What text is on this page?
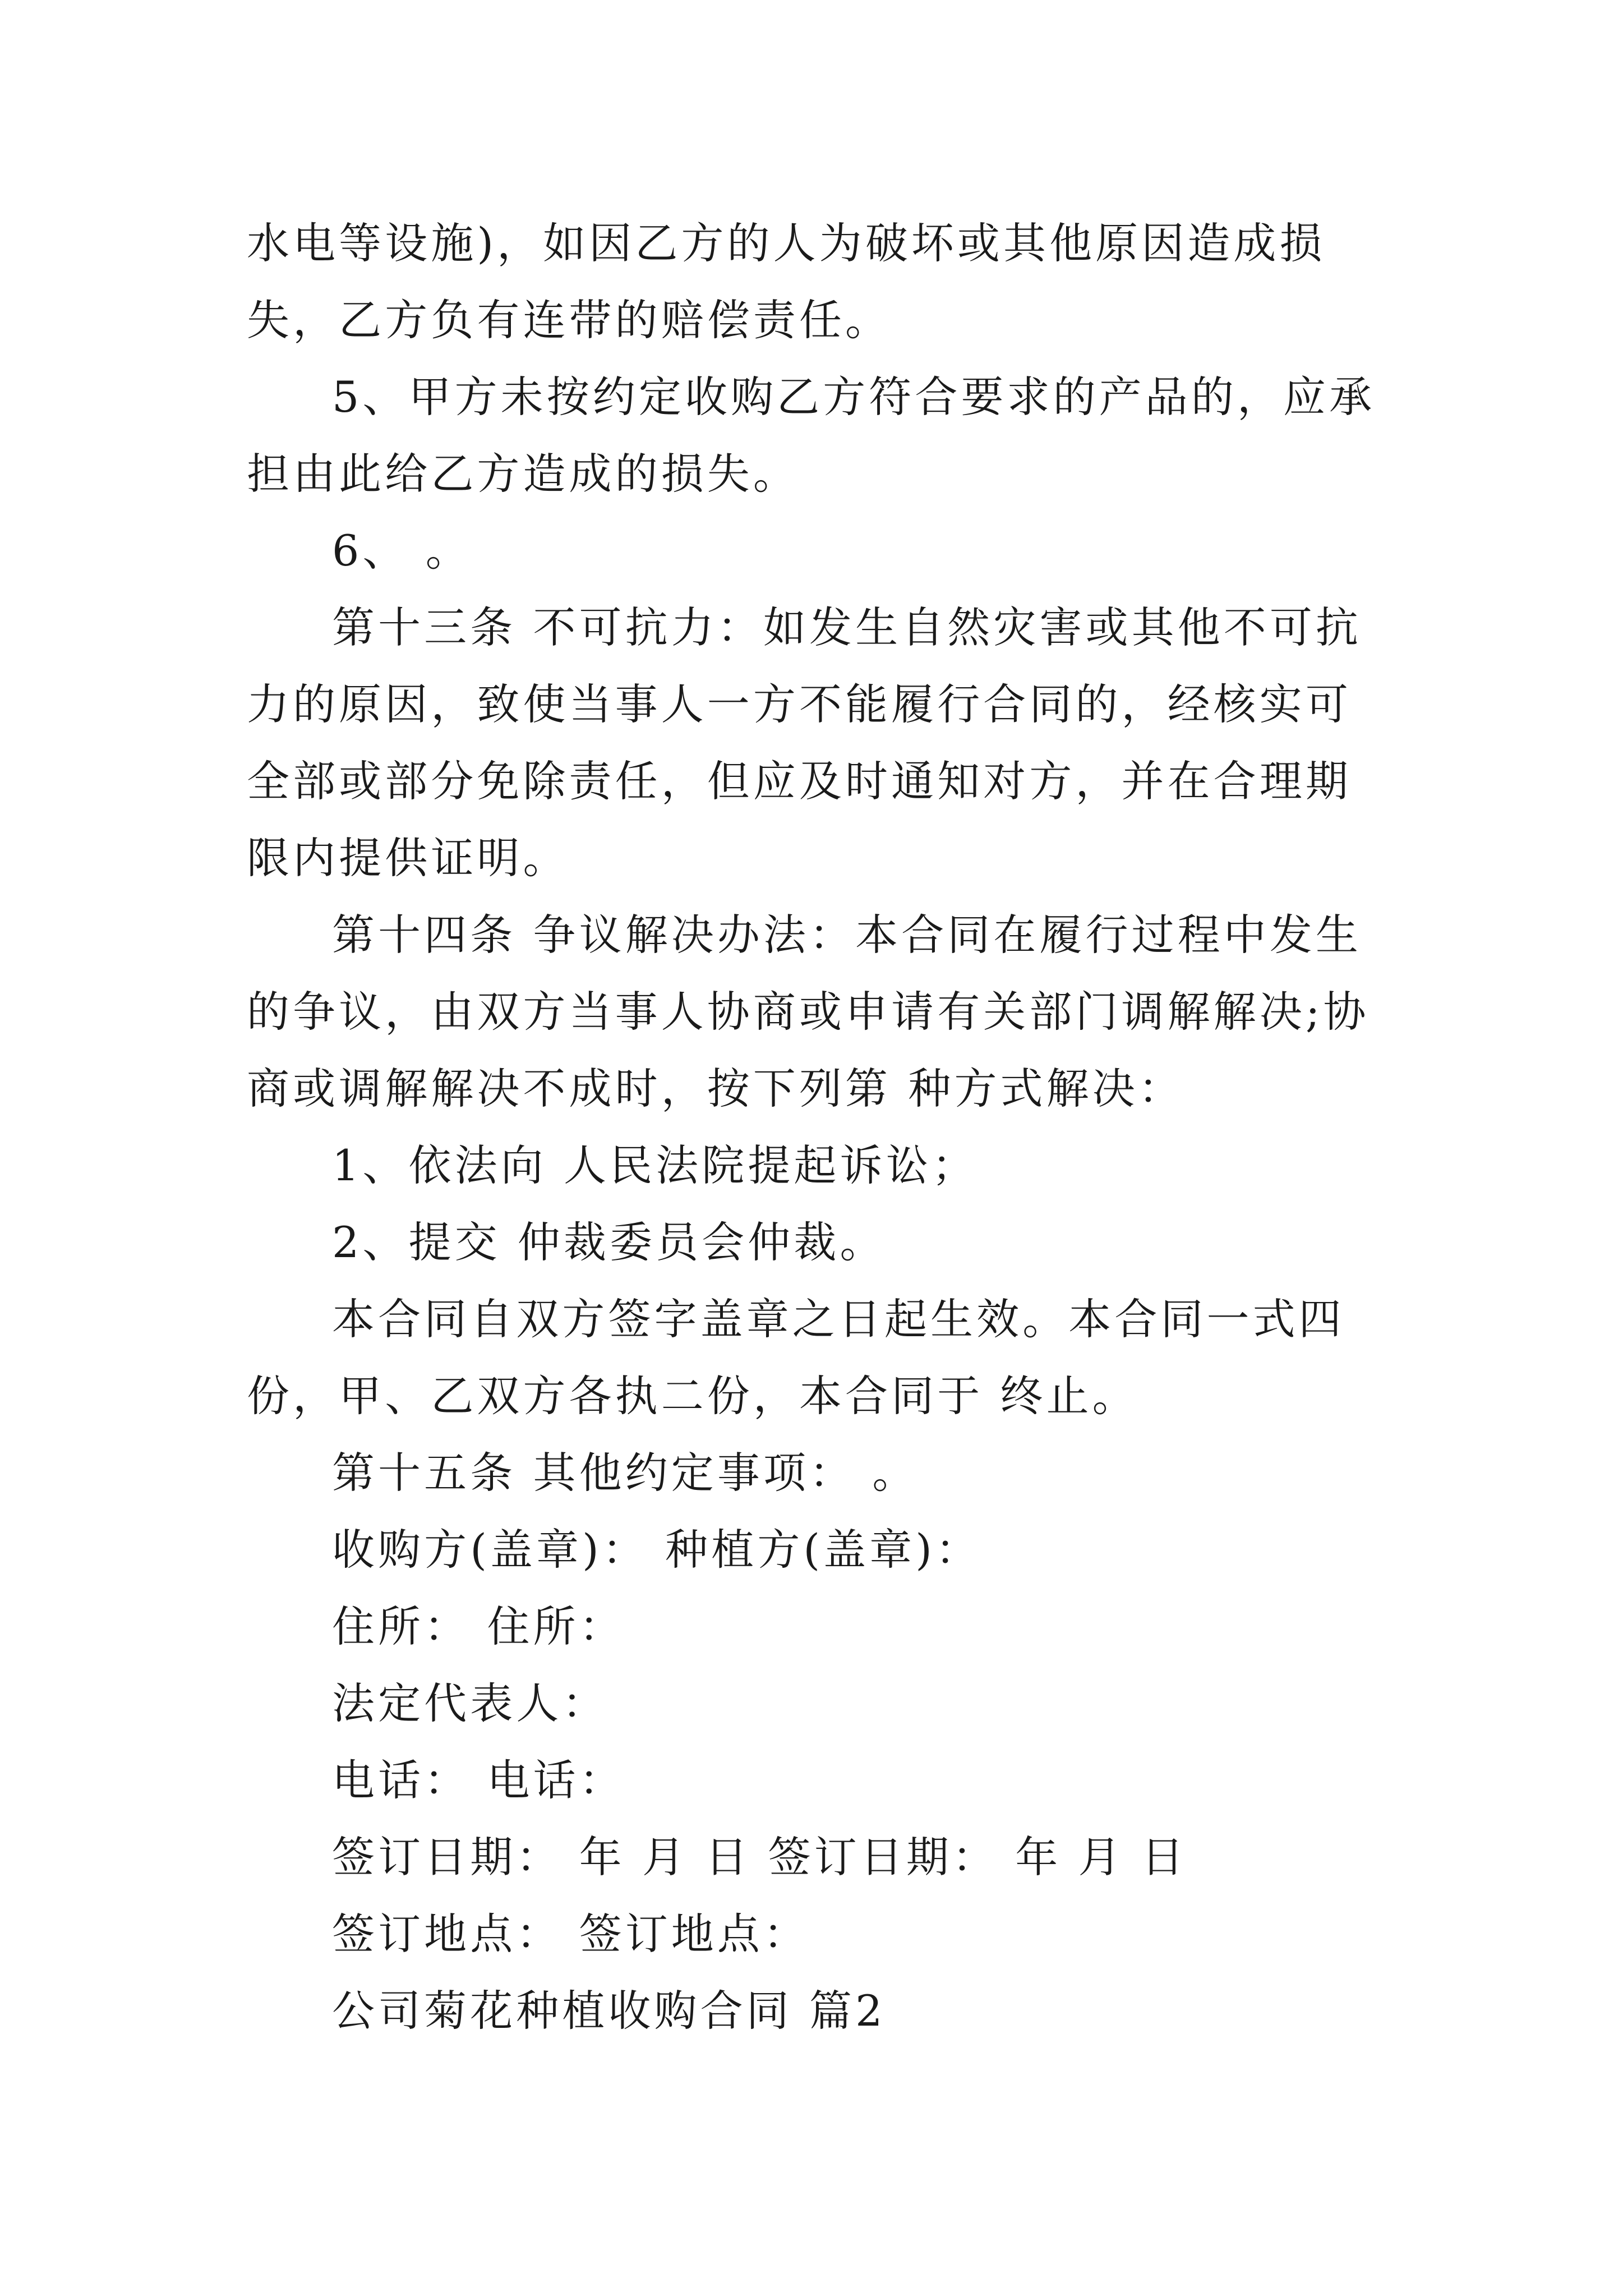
水电等设施)，如因乙方的人为破坏或其他原因造成损失，乙方负有连带的赔偿责任。

5、甲方未按约定收购乙方符合要求的产品的，应承担由此给乙方造成的损失。

6、 。

第十三条 不可抗力：如发生自然灾害或其他不可抗力的原因，致使当事人一方不能履行合同的，经核实可全部或部分免除责任，但应及时通知对方，并在合理期限内提供证明。

第十四条 争议解决办法：本合同在履行过程中发生的争议，由双方当事人协商或申请有关部门调解解决;协商或调解解决不成时，按下列第 种方式解决：

1、依法向 人民法院提起诉讼；

2、提交 仲裁委员会仲裁。

本合同自双方签字盖章之日起生效。本合同一式四份，甲、乙双方各执二份，本合同于 终止。

第十五条 其他约定事项： 。

收购方(盖章)： 种植方(盖章)：

住所： 住所：

法定代表人：

电话： 电话：

签订日期： 年 月 日 签订日期： 年 月 日

签订地点： 签订地点：

公司菊花种植收购合同 篇2
